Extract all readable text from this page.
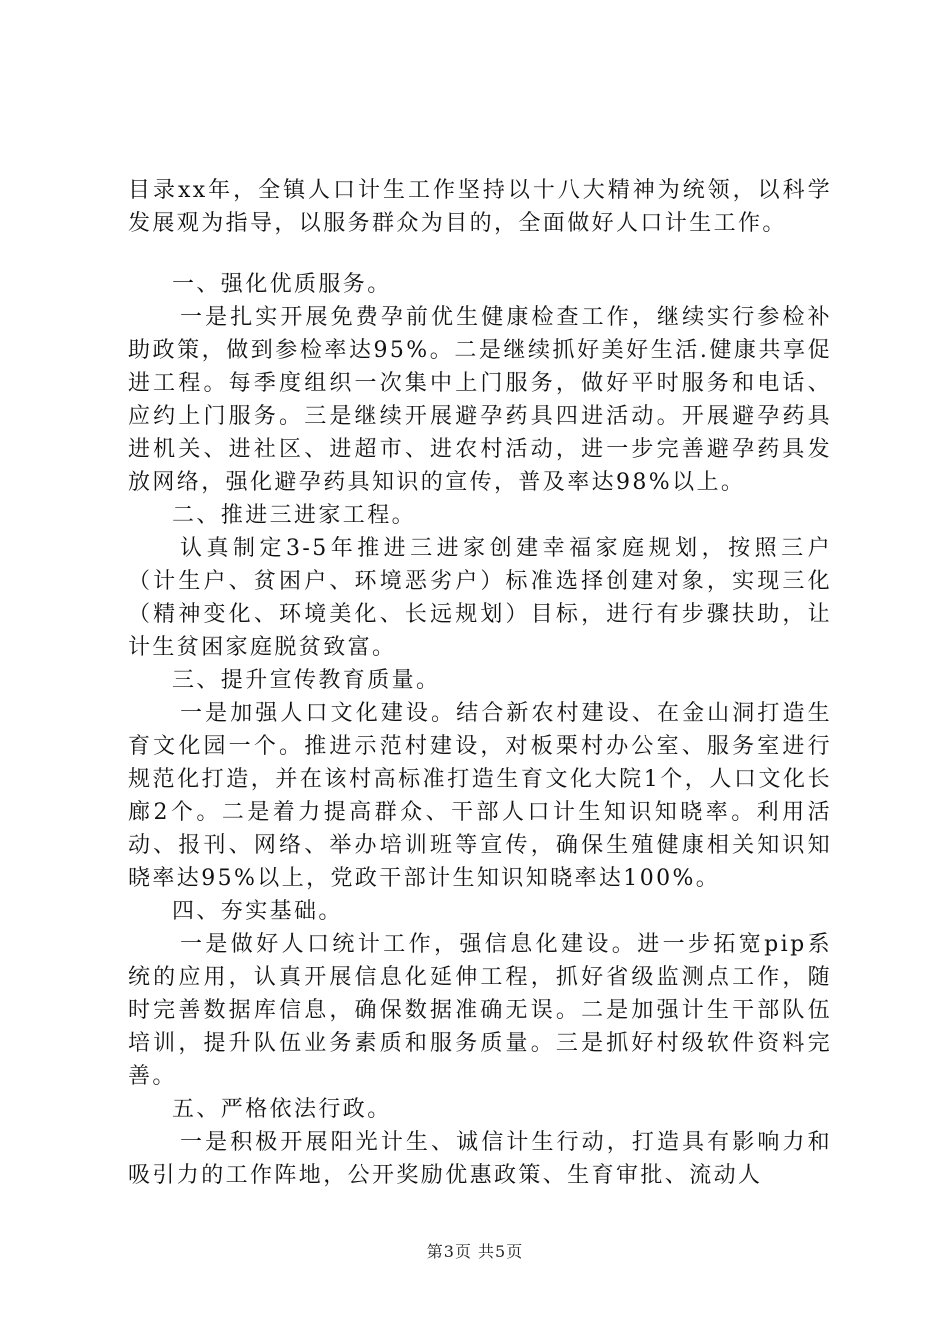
目录xx年，全镇人口计生工作坚持以十八大精神为统领，以科学发展观为指导，以服务群众为目的，全面做好人口计生工作。

一、强化优质服务。

一是扎实开展免费孕前优生健康检查工作，继续实行参检补助政策，做到参检率达95%。二是继续抓好美好生活.健康共享促进工程。每季度组织一次集中上门服务，做好平时服务和电话、应约上门服务。三是继续开展避孕药具四进活动。开展避孕药具进机关、进社区、进超市、进农村活动，进一步完善避孕药具发放网络，强化避孕药具知识的宣传，普及率达98%以上。

二、推进三进家工程。

认真制定3-5年推进三进家创建幸福家庭规划，按照三户（计生户、贫困户、环境恶劣户）标准选择创建对象，实现三化（精神变化、环境美化、长远规划）目标，进行有步骤扶助，让计生贫困家庭脱贫致富。

三、提升宣传教育质量。

一是加强人口文化建设。结合新农村建设、在金山洞打造生育文化园一个。推进示范村建设，对板栗村办公室、服务室进行规范化打造，并在该村高标准打造生育文化大院1个，人口文化长廊2个。二是着力提高群众、干部人口计生知识知晓率。利用活动、报刊、网络、举办培训班等宣传，确保生殖健康相关知识知晓率达95%以上，党政干部计生知识知晓率达100%。

四、夯实基础。

一是做好人口统计工作，强信息化建设。进一步拓宽pip系统的应用，认真开展信息化延伸工程，抓好省级监测点工作，随时完善数据库信息，确保数据准确无误。二是加强计生干部队伍培训，提升队伍业务素质和服务质量。三是抓好村级软件资料完善。

五、严格依法行政。

一是积极开展阳光计生、诚信计生行动，打造具有影响力和吸引力的工作阵地，公开奖励优惠政策、生育审批、流动人

第3页 共5页
